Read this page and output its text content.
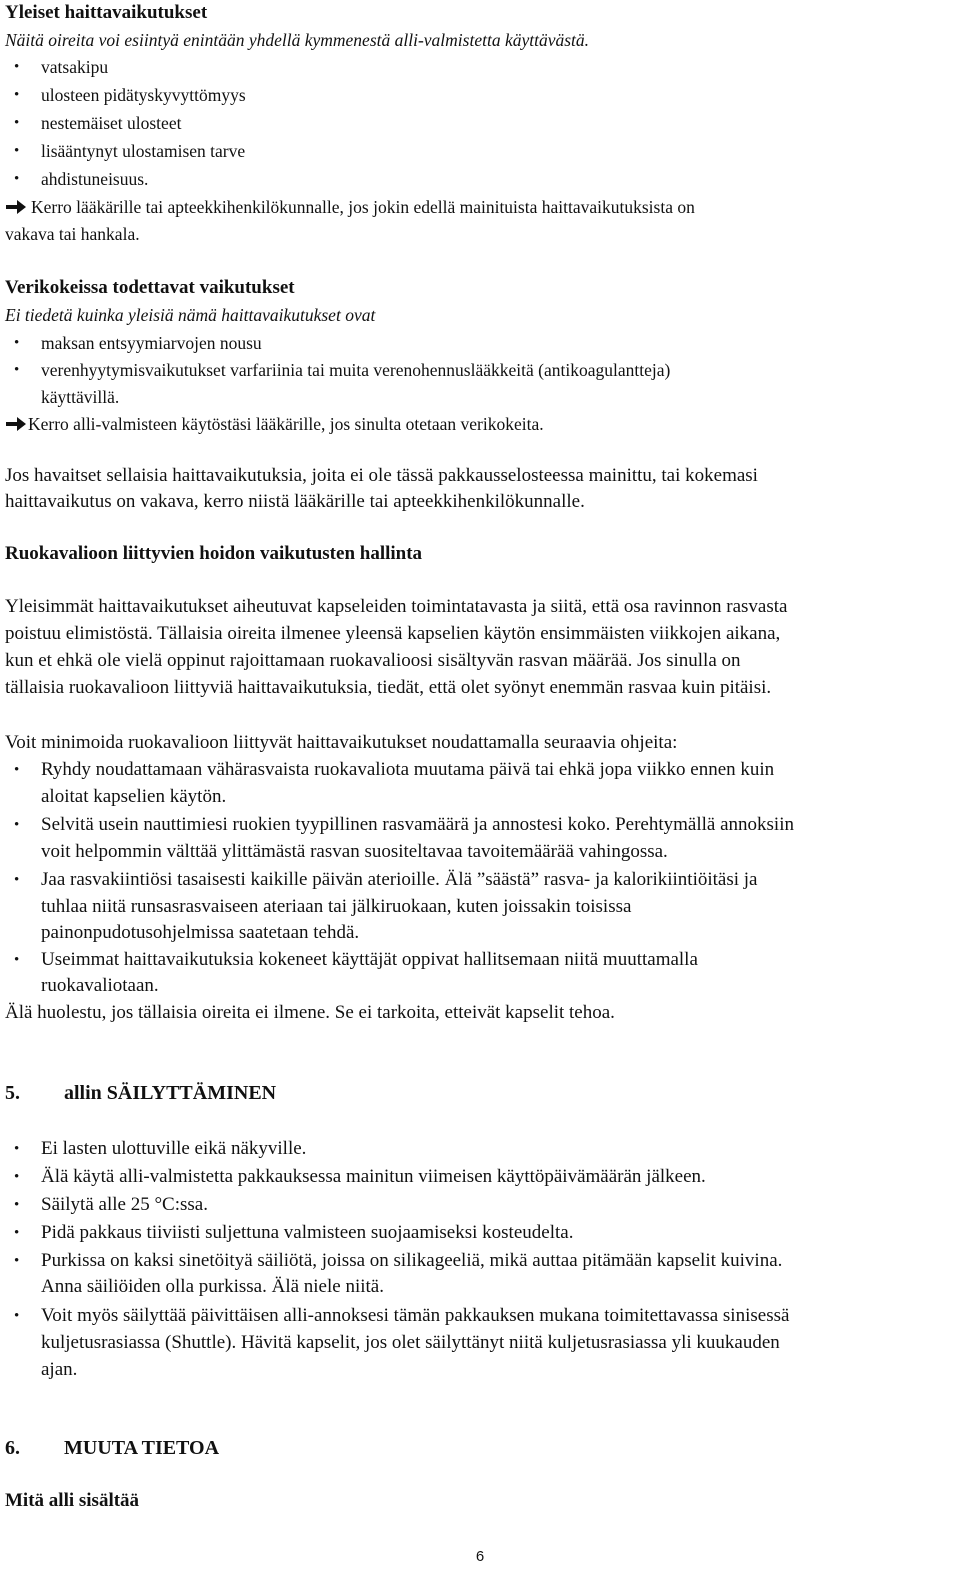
Yleiset haittavaikutukset
Näitä oireita voi esiintyä enintään yhdellä kymmenestä alli-valmistetta käyttävästä.
• vatsakipu
• ulosteen pidätyskyvyttömyys
• nestemäiset ulosteet
• lisääntynyt ulostamisen tarve
• ahdistuneisuus.
Kerro lääkärille tai apteekkihenkilökunnalle, jos jokin edellä mainituista haittavaikutuksista on
vakava tai hankala.
Verikokeissa todettavat vaikutukset
Ei tiedetä kuinka yleisiä nämä haittavaikutukset ovat
• maksan entsyymiarvojen nousu
• verenhyytymisvaikutukset varfariinia tai muita verenohennuslääkkeitä (antikoagulantteja)
käyttävillä.
Kerro alli-valmisteen käytöstäsi lääkärille, jos sinulta otetaan verikokeita.
Jos havaitset sellaisia haittavaikutuksia, joita ei ole tässä pakkausselosteessa mainittu, tai kokemasi
haittavaikutus on vakava, kerro niistä lääkärille tai apteekkihenkilökunnalle.
Ruokavalioon liittyvien hoidon vaikutusten hallinta
Yleisimmät haittavaikutukset aiheutuvat kapseleiden toimintatavasta ja siitä, että osa ravinnon rasvasta
poistuu elimistöstä. Tällaisia oireita ilmenee yleensä kapselien käytön ensimmäisten viikkojen aikana,
kun et ehkä ole vielä oppinut rajoittamaan ruokavalioosi sisältyvän rasvan määrää. Jos sinulla on
tällaisia ruokavalioon liittyviä haittavaikutuksia, tiedät, että olet syönyt enemmän rasvaa kuin pitäisi.
Voit minimoida ruokavalioon liittyvät haittavaikutukset noudattamalla seuraavia ohjeita:
• Ryhdy noudattamaan vähärasvaista ruokavaliota muutama päivä tai ehkä jopa viikko ennen kuin
aloitat kapselien käytön.
• Selvitä usein nauttimiesi ruokien tyypillinen rasvamäärä ja annostesi koko. Perehtymällä annoksiin
voit helpommin välttää ylittämästä rasvan suositeltavaa tavoitemäärää vahingossa.
• Jaa rasvakiintiösi tasaisesti kaikille päivän aterioille. Älä ”säästä” rasva- ja kalorikiintiöitäsi ja
tuhlaa niitä runsasrasvaiseen ateriaan tai jälkiruokaan, kuten joissakin toisissa
painonpudotusohjelmissa saatetaan tehdä.
• Useimmat haittavaikutuksia kokeneet käyttäjät oppivat hallitsemaan niitä muuttamalla
ruokavaliotaan.
Älä huolestu, jos tällaisia oireita ei ilmene. Se ei tarkoita, etteivät kapselit tehoa.
5. allin SÄILYTTÄMINEN
• Ei lasten ulottuville eikä näkyville.
• Älä käytä alli-valmistetta pakkauksessa mainitun viimeisen käyttöpäivämäärän jälkeen.
• Säilytä alle 25 °C:ssa.
• Pidä pakkaus tiiviisti suljettuna valmisteen suojaamiseksi kosteudelta.
• Purkissa on kaksi sinetöityä säiliötä, joissa on silikageeliä, mikä auttaa pitämään kapselit kuivina.
Anna säiliöiden olla purkissa. Älä niele niitä.
• Voit myös säilyttää päivittäisen alli-annoksesi tämän pakkauksen mukana toimitettavassa sinisessä
kuljetusrasiassa (Shuttle). Hävitä kapselit, jos olet säilyttänyt niitä kuljetusrasiassa yli kuukauden
ajan.
6. MUUTA TIETOA
Mitä alli sisältää
6
